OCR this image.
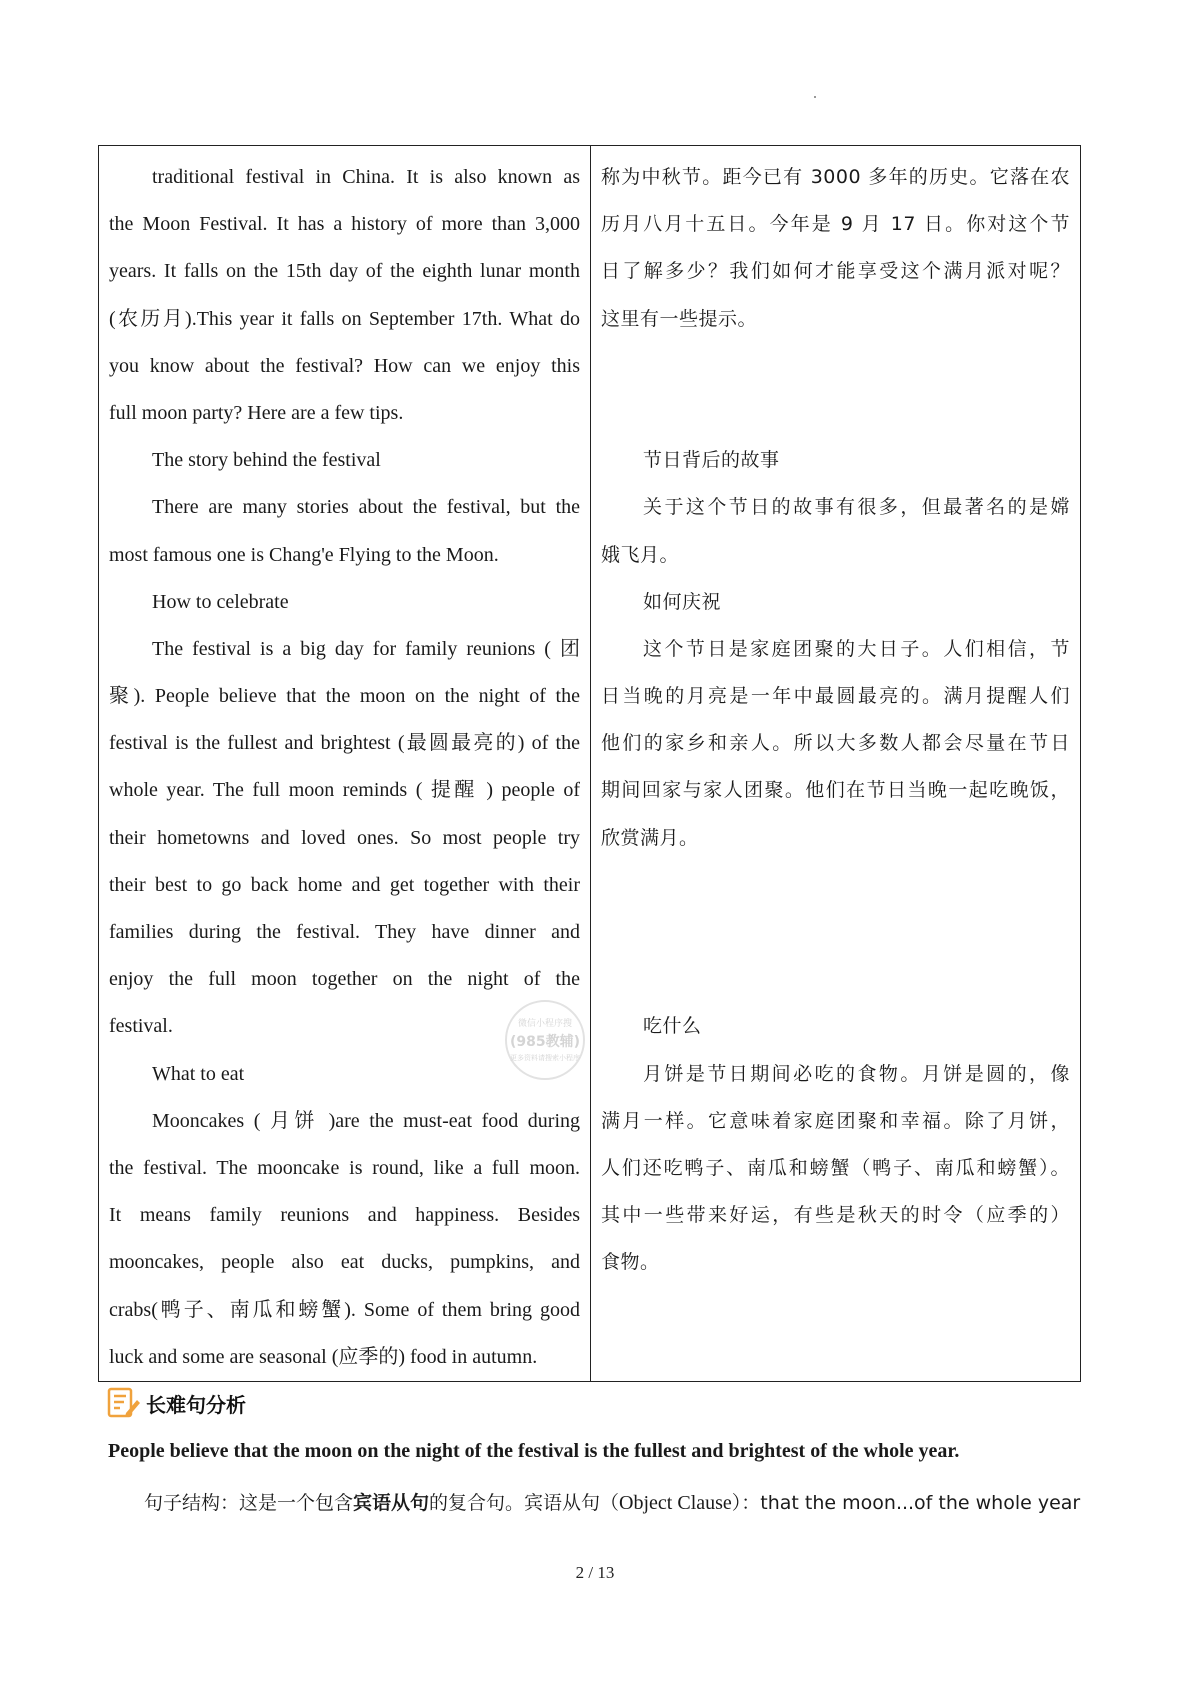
traditional festival in China. It is also known as
the Moon Festival. It has a history of more than 3,000
years. It falls on the 15th day of the eighth lunar month
(农历月).This year it falls on September 17th. What do
you know about the festival? How can we enjoy this
full moon party? Here are a few tips.
The story behind the festival
There are many stories about the festival, but the
most famous one is Chang'e Flying to the Moon.
How to celebrate
The festival is a big day for family reunions ( 团
聚). People believe that the moon on the night of the
festival is the fullest and brightest (最圆最亮的) of the
whole year. The full moon reminds ( 提醒 ) people of
their hometowns and loved ones. So most people try
their best to go back home and get together with their
families during the festival. They have dinner and
enjoy the full moon together on the night of the
festival.
What to eat
Mooncakes ( 月饼 )are the must-eat food during
the festival. The mooncake is round, like a full moon.
It means family reunions and happiness. Besides
mooncakes, people also eat ducks, pumpkins, and
crabs(鸭子、南瓜和螃蟹). Some of them bring good
luck and some are seasonal (应季的) food in autumn.

称为中秋节。距今已有 3000 多年的历史。它落在农
历月八月十五日。今年是 9 月 17 日。你对这个节
日了解多少？我们如何才能享受这个满月派对呢？
这里有一些提示。
节日背后的故事
关于这个节日的故事有很多，但最著名的是嫦
娥飞月。
如何庆祝
这个节日是家庭团聚的大日子。人们相信，节
日当晚的月亮是一年中最圆最亮的。满月提醒人们
他们的家乡和亲人。所以大多数人都会尽量在节日
期间回家与家人团聚。他们在节日当晚一起吃晚饭，
欣赏满月。
吃什么
月饼是节日期间必吃的食物。月饼是圆的，像
满月一样。它意味着家庭团聚和幸福。除了月饼，
人们还吃鸭子、南瓜和螃蟹（鸭子、南瓜和螃蟹）。
其中一些带来好运，有些是秋天的时令（应季的）
食物。
微信小程序搜
(985教辅)
更多资料请搜索小程序
长难句分析
People believe that the moon on the night of the festival is the fullest and brightest of the whole year.
句子结构：这是一个包含宾语从句的复合句。宾语从句（Object Clause）：that the moon...of the whole year
2 / 13
